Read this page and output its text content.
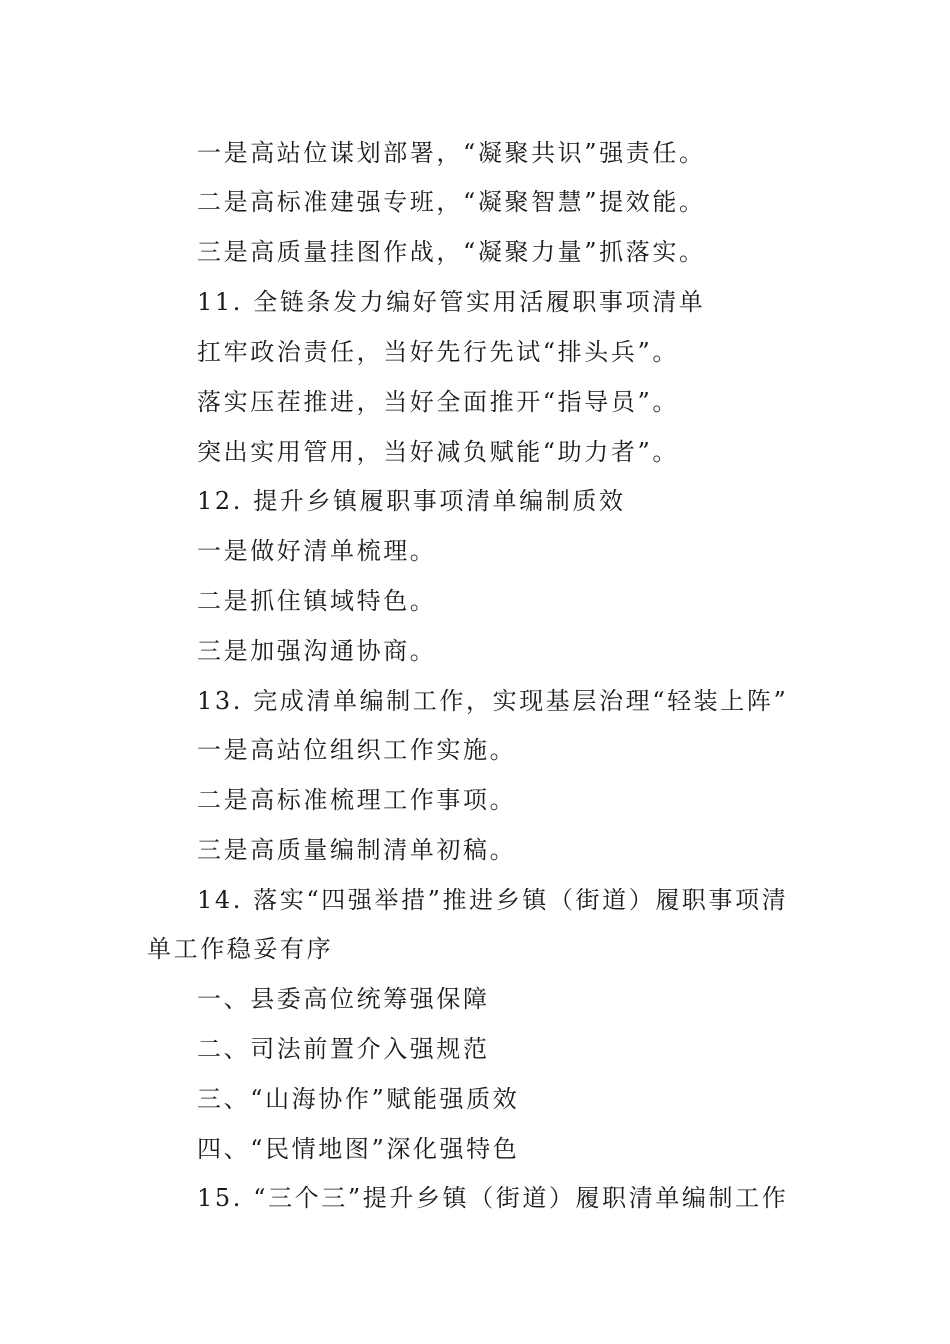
一是高站位谋划部署，“凝聚共识”强责任。
二是高标准建强专班，“凝聚智慧”提效能。
三是高质量挂图作战，“凝聚力量”抓落实。
11. 全链条发力编好管实用活履职事项清单
扛牢政治责任，当好先行先试“排头兵”。
落实压茬推进，当好全面推开“指导员”。
突出实用管用，当好减负赋能“助力者”。
12. 提升乡镇履职事项清单编制质效
一是做好清单梳理。
二是抓住镇域特色。
三是加强沟通协商。
13. 完成清单编制工作，实现基层治理“轻装上阵”
一是高站位组织工作实施。
二是高标准梳理工作事项。
三是高质量编制清单初稿。
14. 落实“四强举措”推进乡镇（街道）履职事项清
单工作稳妥有序
一、县委高位统筹强保障
二、司法前置介入强规范
三、“山海协作”赋能强质效
四、“民情地图”深化强特色
15. “三个三”提升乡镇（街道）履职清单编制工作
